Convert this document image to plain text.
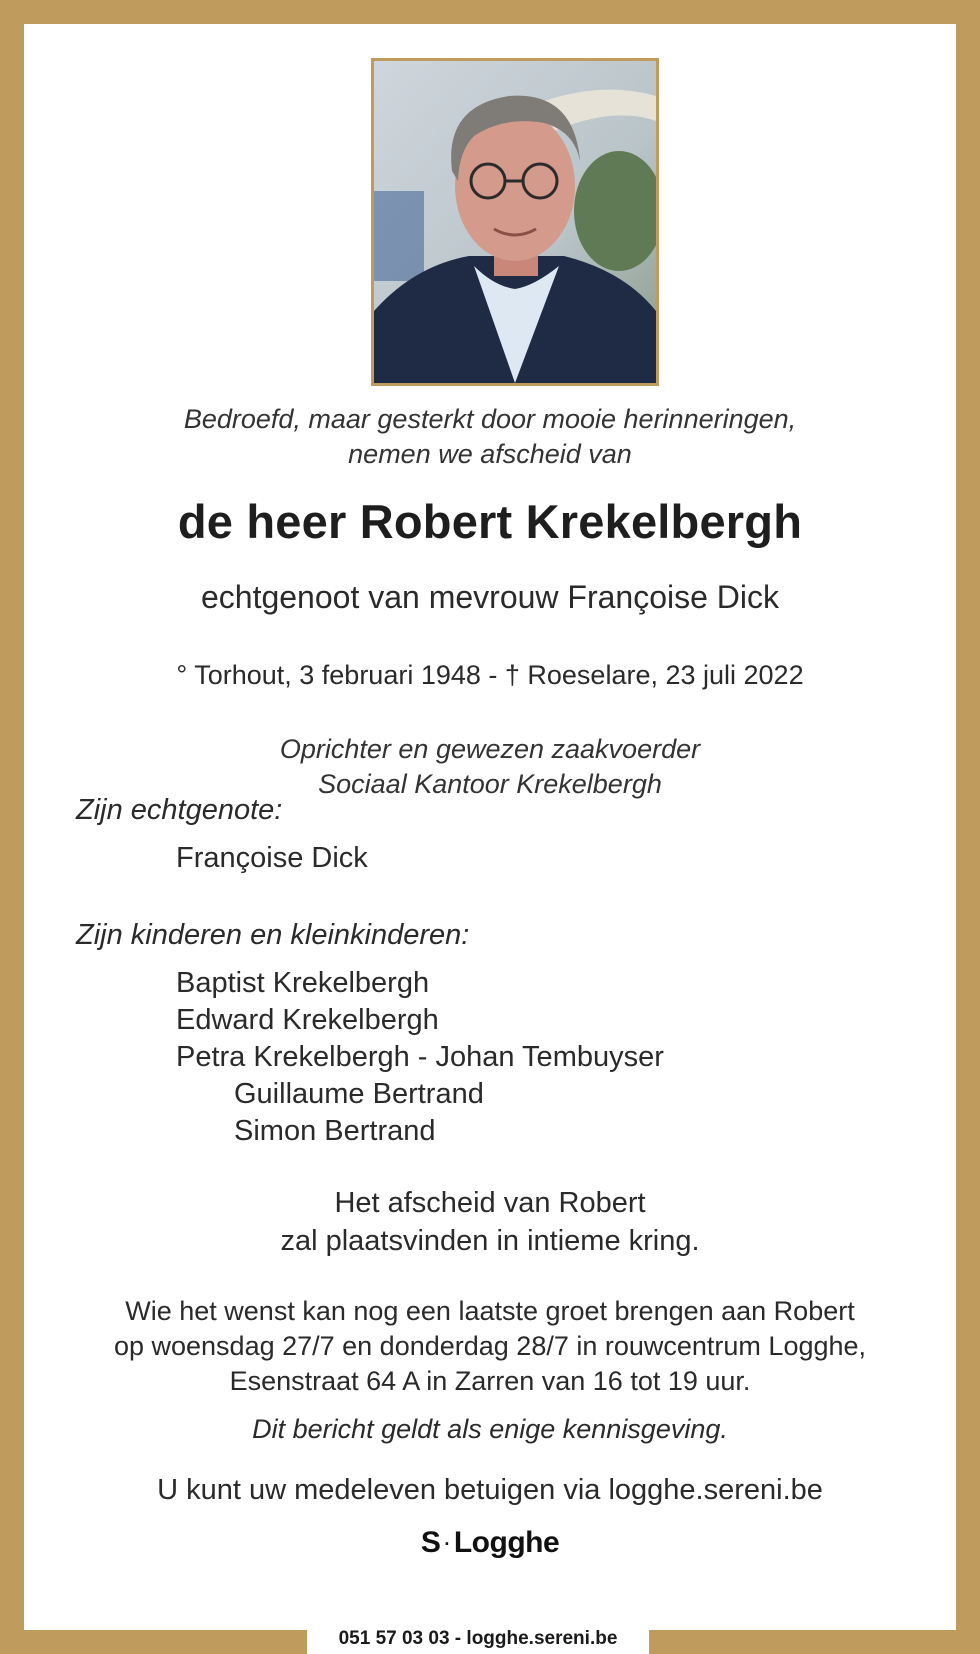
Bedroefd, maar gesterkt door mooie herinneringen,
nemen we afscheid van
de heer Robert Krekelbergh
echtgenoot van mevrouw Françoise Dick
° Torhout, 3 februari 1948 - † Roeselare, 23 juli 2022
Oprichter en gewezen zaakvoerder
Sociaal Kantoor Krekelbergh
Zijn echtgenote:
Françoise Dick
Zijn kinderen en kleinkinderen:
Baptist Krekelbergh
Edward Krekelbergh
Petra Krekelbergh - Johan Tembuyser
Guillaume Bertrand
Simon Bertrand
Het afscheid van Robert
zal plaatsvinden in intieme kring.
Wie het wenst kan nog een laatste groet brengen aan Robert
op woensdag 27/7 en donderdag 28/7 in rouwcentrum Logghe,
Esenstraat 64 A in Zarren van 16 tot 19 uur.
Dit bericht geldt als enige kennisgeving.
U kunt uw medeleven betuigen via logghe.sereni.be
S · Logghe
051 57 03 03 - logghe.sereni.be
